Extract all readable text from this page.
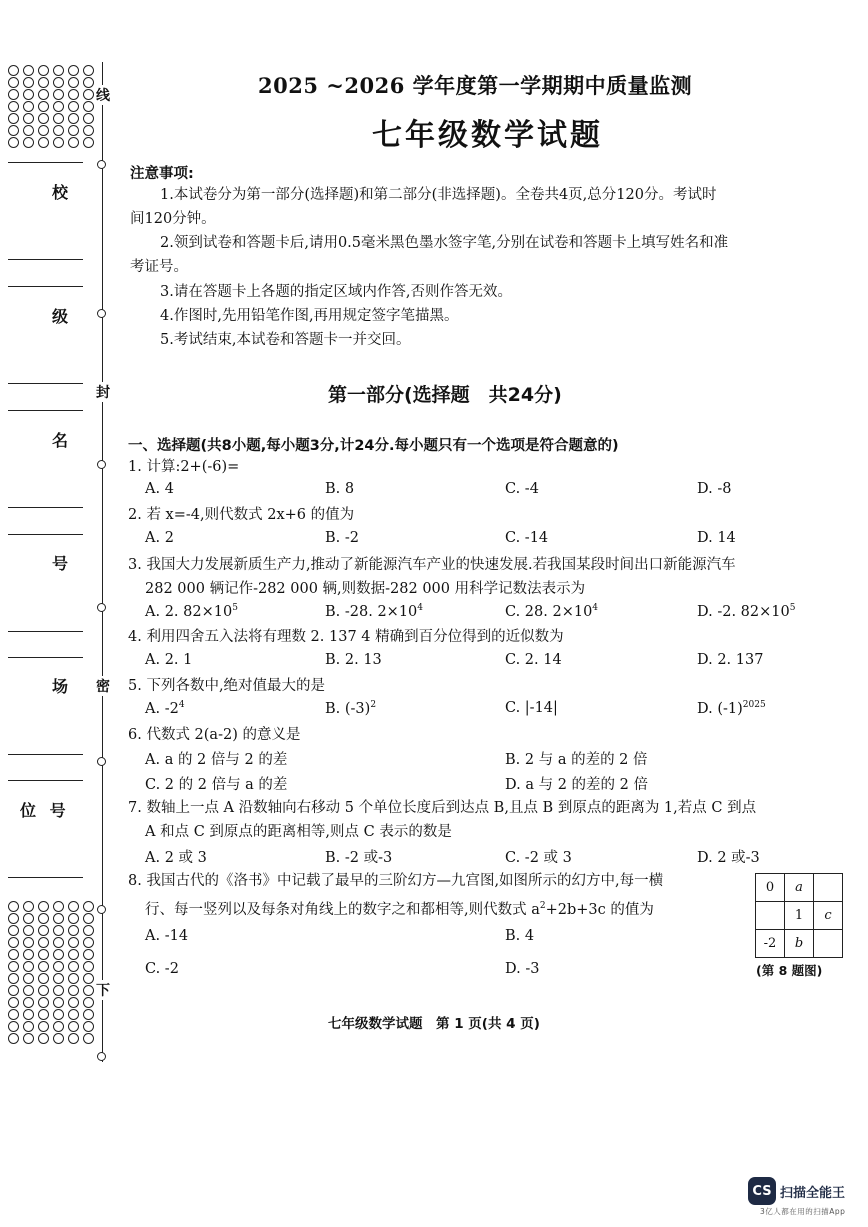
校
级
名
号
场
位 号
线
封
密
下
2025 ~2026 学年度第一学期期中质量监测
七年级数学试题
注意事项:
1.本试卷分为第一部分(选择题)和第二部分(非选择题)。全卷共4页,总分120分。考试时
间120分钟。
2.领到试卷和答题卡后,请用0.5毫米黑色墨水签字笔,分别在试卷和答题卡上填写姓名和准
考证号。
3.请在答题卡上各题的指定区域内作答,否则作答无效。
4.作图时,先用铅笔作图,再用规定签字笔描黑。
5.考试结束,本试卷和答题卡一并交回。
第一部分(选择题　共24分)
一、选择题(共8小题,每小题3分,计24分.每小题只有一个选项是符合题意的)
1. 计算:2+(-6)=
A. 4	B. 8	C. -4	D. -8
2. 若 x=-4,则代数式 2x+6 的值为
A. 2	B. -2	C. -14	D. 14
3. 我国大力发展新质生产力,推动了新能源汽车产业的快速发展.若我国某段时间出口新能源汽车
282 000 辆记作-282 000 辆,则数据-282 000 用科学记数法表示为
A. 2. $82\times 10^5$	B. -28. $2\times 10^4$	C. 28. $2\times 10^4$	D. -2. $82\times 10^5$
4. 利用四舍五入法将有理数 2. 137 4 精确到百分位得到的近似数为
A. 2. 1	B. 2. 13	C. 2. 14	D. 2. 137
5. 下列各数中,绝对值最大的是
A. $-2^4$	B. $(-3)^2$	C. |-14|	D. $(-1)^{2025}$
6. 代数式 2(a-2) 的意义是
A. a 的 2 倍与 2 的差	B. 2 与 a 的差的 2 倍
C. 2 的 2 倍与 a 的差	D. a 与 2 的差的 2 倍
7. 数轴上一点 A 沿数轴向右移动 5 个单位长度后到达点 B,且点 B 到原点的距离为 1,若点 C 到点
A 和点 C 到原点的距离相等,则点 C 表示的数是
A. 2 或 3	B. -2 或-3	C. -2 或 3	D. 2 或-3
8. 我国古代的《洛书》中记载了最早的三阶幻方—九宫图,如图所示的幻方中,每一横
行、每一竖列以及每条对角线上的数字之和都相等,则代数式 $a^2+2b+3c$ 的值为
A. -14	B. 4
C. -2	D. -3
0	a	
	1	c
-2	b	
(第 8 题图)
七年级数学试题　第 1 页(共 4 页)
CS 扫描全能王
3亿人都在用的扫描App
